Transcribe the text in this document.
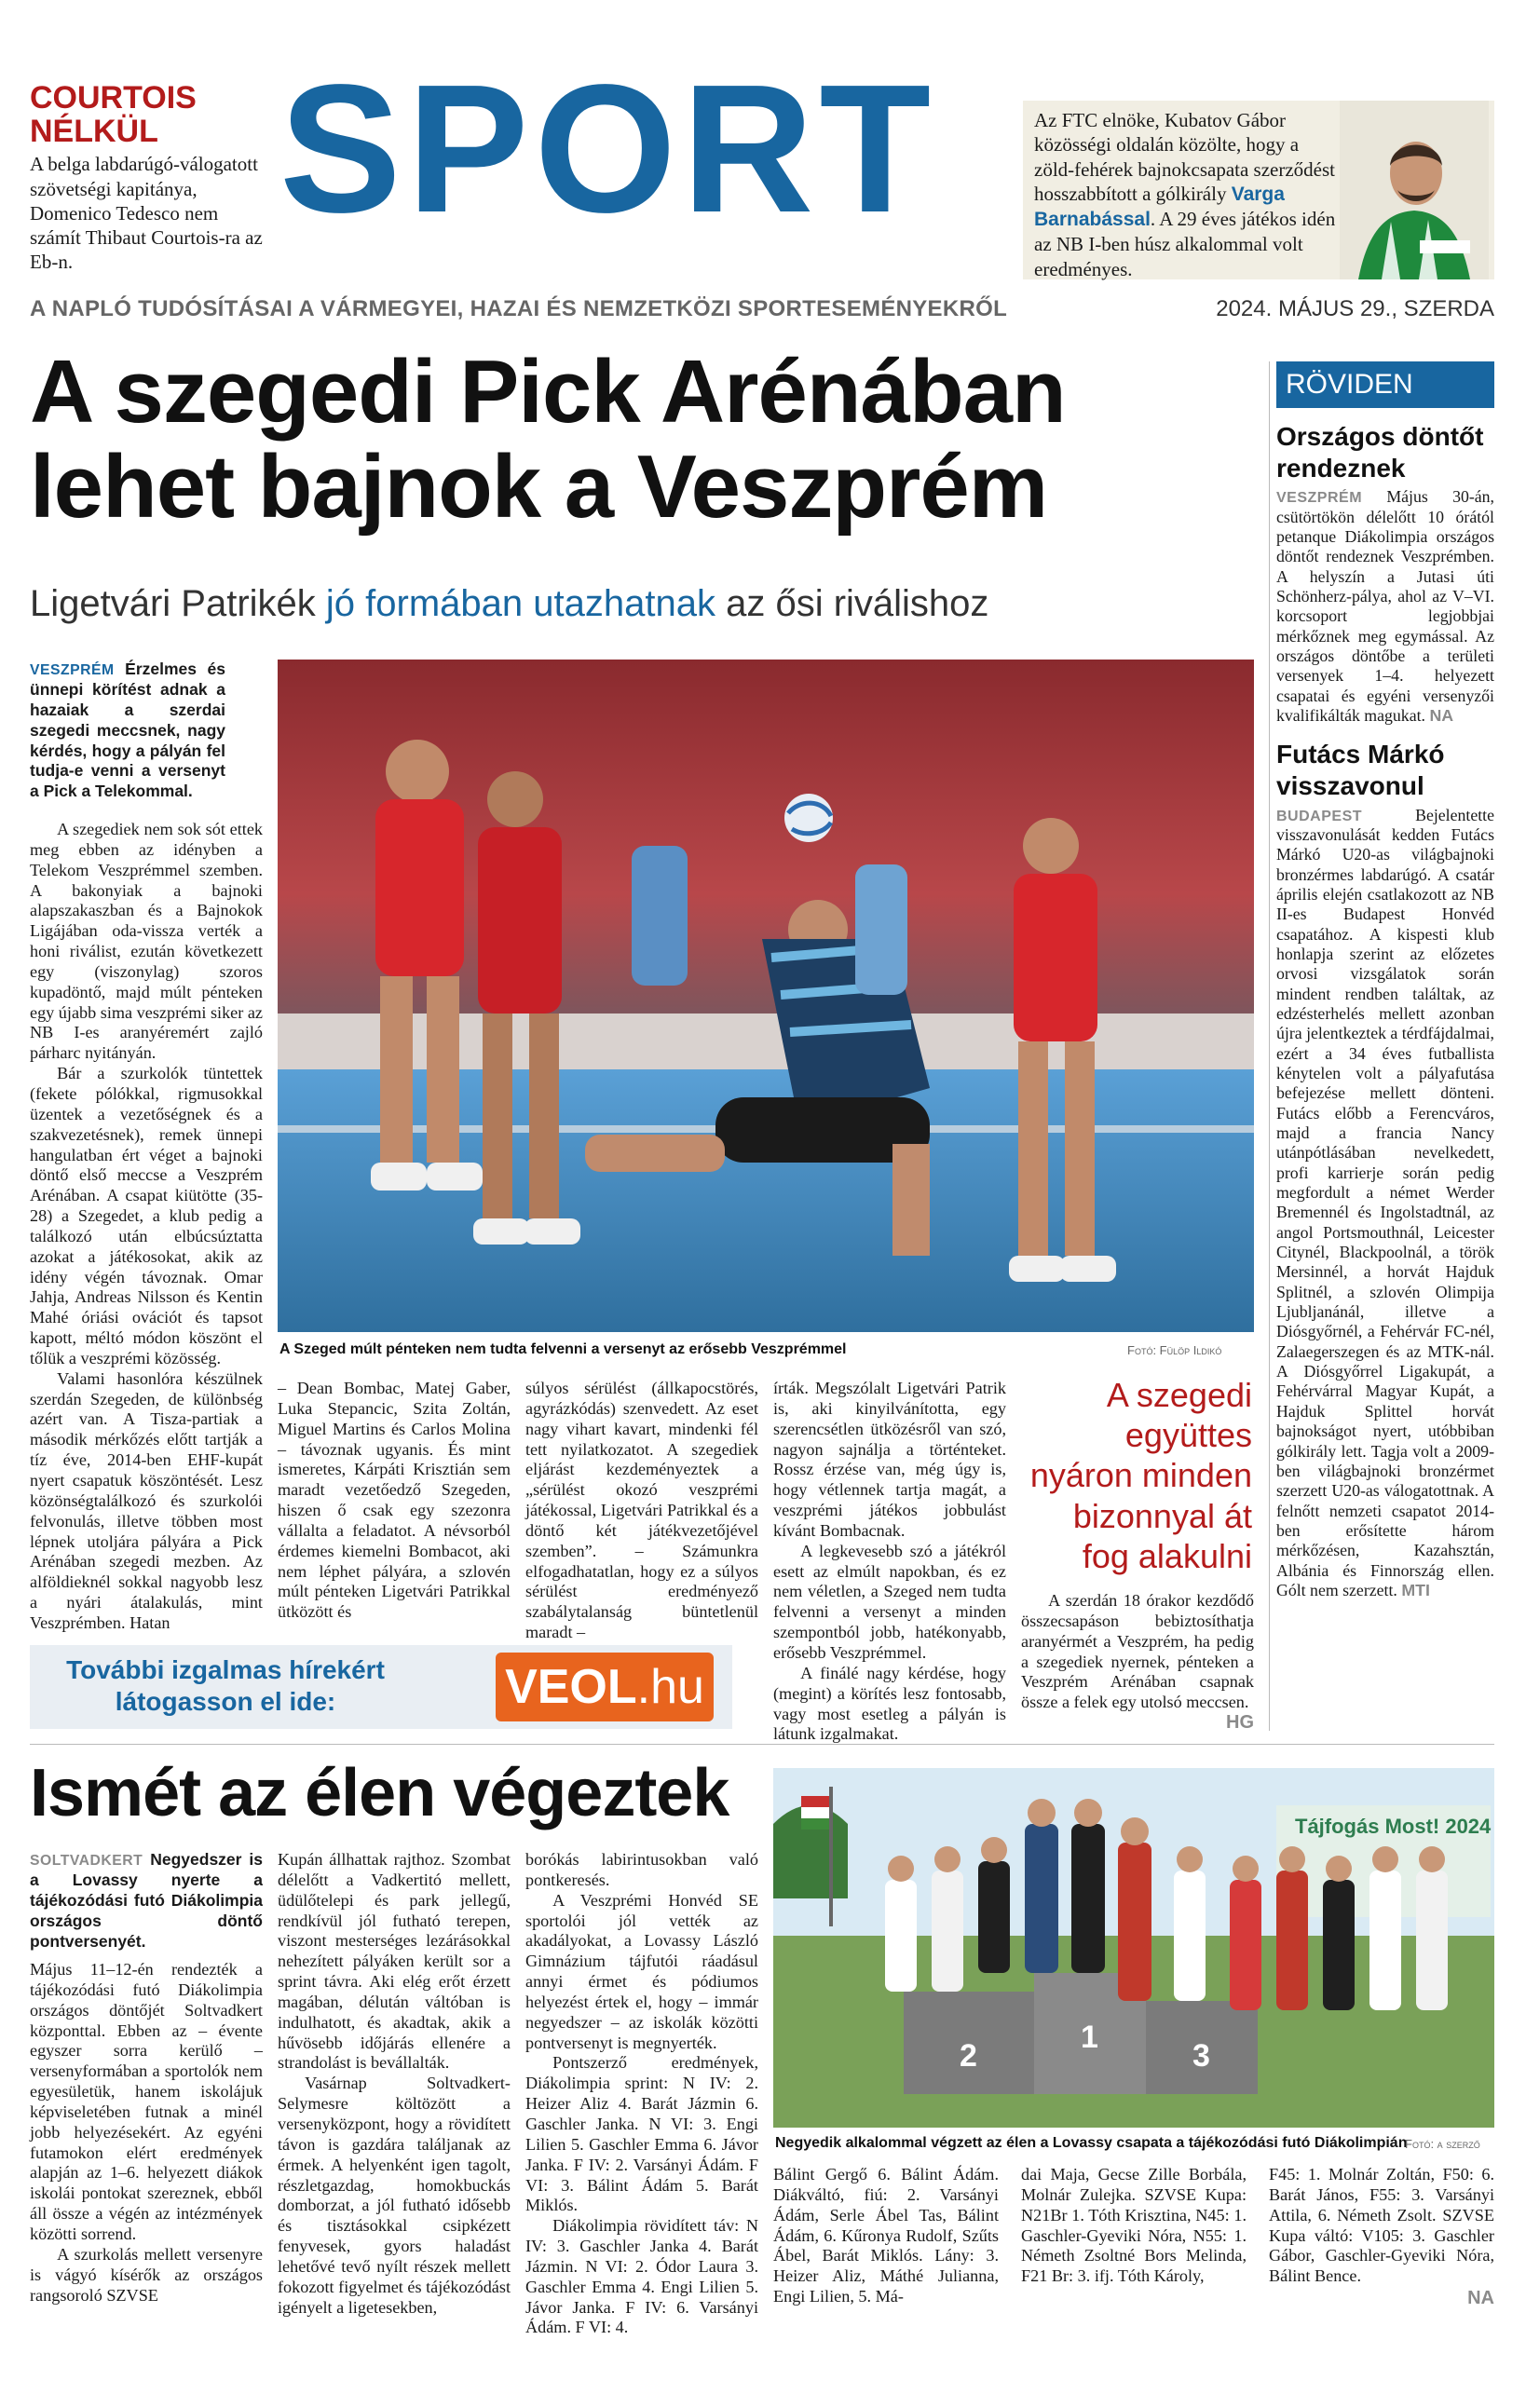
COURTOIS
NÉLKÜL
A belga labdarúgó-válogatott szövetségi kapitánya, Domenico Tedesco nem számít Thibaut Courtois-ra az Eb-n.
SPORT	Az FTC elnöke, Kubatov Gábor közösségi oldalán közölte, hogy a zöld-fehérek bajnokcsapata szerződést hosszabbított a gólkirály Varga Barnabással. A 29 éves játékos idén az NB I-ben húsz alkalommal volt eredményes.
A NAPLÓ TUDÓSÍTÁSAI A VÁRMEGYEI, HAZAI ÉS NEMZETKÖZI SPORTESEMÉNYEKRŐL	2024. MÁJUS 29., SZERDA
A szegedi Pick Arénában
lehet bajnok a Veszprém
Ligetvári Patrikék jó formában utazhatnak az ősi riválishoz
VESZPRÉM Érzelmes és ünnepi körítést adnak a hazaiak a szerdai szegedi meccsnek, nagy kérdés, hogy a pályán fel tudja-e venni a versenyt a Pick a Telekommal.

A szegediek nem sok sót ettek meg ebben az idényben a Telekom Veszprémmel szemben. A bakonyiak a bajnoki alapszakaszban és a Bajnokok Ligájában oda-vissza verték a honi riválist, ezután következett egy (viszonylag) szoros kupadöntő, majd múlt pénteken egy újabb sima veszprémi siker az NB I-es aranyéremért zajló párharc nyitányán.

Bár a szurkolók tüntettek (fekete pólókkal, rigmusokkal üzentek a vezetőségnek és a szakvezetésnek), remek ünnepi hangulatban ért véget a bajnoki döntő első meccse a Veszprém Arénában. A csapat kiütötte (35-28) a Szegedet, a klub pedig a találkozó után elbúcsúztatta azokat a játékosokat, akik az idény végén távoznak. Omar Jahja, Andreas Nilsson és Kentin Mahé óriási ovációt és tapsot kapott, méltó módon köszönt el tőlük a veszprémi közösség.

Valami hasonlóra készülnek szerdán Szegeden, de különbség azért van. A Tisza-partiak a második mérkőzés előtt tartják a tíz éve, 2014-ben EHF-kupát nyert csapatuk köszöntését. Lesz közönségtalálkozó és szurkolói felvonulás, illetve többen most lépnek utoljára pályára a Pick Arénában szegedi mezben. Az alföldieknél sokkal nagyobb lesz a nyári átalakulás, mint Veszprémben. Hatan

A Szeged múlt pénteken nem tudta felvenni a versenyt az erősebb Veszprémmel	Fotó: Fülöp Ildikó

– Dean Bombac, Matej Gaber, Luka Stepancic, Szita Zoltán, Miguel Martins és Carlos Molina – távoznak ugyanis. És mint ismeretes, Kárpáti Krisztián sem maradt vezetőedző Szegeden, hiszen ő csak egy szezonra vállalta a feladatot. A névsorból érdemes kiemelni Bombacot, aki nem léphet pályára, a szlovén múlt pénteken Ligetvári Patrikkal ütközött és

súlyos sérülést (állkapocstörés, agyrázkódás) szenvedett. Az eset nagy vihart kavart, mindenki fél tett nyilatkozatot. A szegediek eljárást kezdeményeztek a „sérülést okozó veszprémi játékossal, Ligetvári Patrikkal és a döntő két játékvezetőjével szemben”. – Számunkra elfogadhatatlan, hogy ez a súlyos sérülést eredményező szabálytalanság büntetlenül maradt –

írták. Megszólalt Ligetvári Patrik is, aki kinyilvánította, egy szerencsétlen ütközésről van szó, nagyon sajnálja a történteket. Rossz érzése van, még úgy is, hogy vétlennek tartja magát, a veszprémi játékos jobbulást kívánt Bombacnak.

A legkevesebb szó a játékról esett az elmúlt napokban, és ez nem véletlen, a Szeged nem tudta felvenni a versenyt a minden szempontból jobb, hatékonyabb, erősebb Veszprémmel.

A finálé nagy kérdése, hogy (megint) a körítés lesz fontosabb, vagy most esetleg a pályán is látunk izgalmakat.

A szegedi együttes nyáron minden bizonnyal át fog alakulni

A szerdán 18 órakor kezdődő összecsapáson bebiztosíthatja aranyérmét a Veszprém, ha pedig a szegediek nyernek, pénteken a Veszprém Arénában csapnak össze a felek egy utolsó meccsen.

HG
RÖVIDEN
Országos döntőt rendeznek
VESZPRÉM Május 30-án, csütörtökön délelőtt 10 órától petanque Diákolimpia országos döntőt rendeznek Veszprémben. A helyszín a Jutasi úti Schönherz-pálya, ahol az V–VI. korcsoport legjobbjai mérkőznek meg egymással. Az országos döntőbe a területi versenyek 1–4. helyezett csapatai és egyéni versenyzői kvalifikálták magukat. NA
Futács Márkó visszavonul
BUDAPEST Bejelentette visszavonulását kedden Futács Márkó U20-as világbajnoki bronzérmes labdarúgó. A csatár április elején csatlakozott az NB II-es Budapest Honvéd csapatához. A kispesti klub honlapja szerint az előzetes orvosi vizsgálatok során mindent rendben találtak, az edzésterhelés mellett azonban újra jelentkeztek a térdfájdalmai, ezért a 34 éves futballista kénytelen volt a pályafutása befejezése mellett dönteni. Futács előbb a Ferencváros, majd a francia Nancy utánpótlásában nevelkedett, profi karrierje során pedig megfordult a német Werder Bremennél és Ingolstadtnál, az angol Portsmouthnál, Leicester Citynél, Blackpoolnál, a török Mersinnél, a horvát Hajduk Splitnél, a szlovén Olimpija Ljubljanánál, illetve a Diósgyőrnél, a Fehérvár FC-nél, Zalaegerszegen és az MTK-nál. A Diósgyőrrel Ligakupát, a Fehérvárral Magyar Kupát, a Hajduk Splittel horvát bajnokságot nyert, utóbbiban gólkirály lett. Tagja volt a 2009-ben világbajnoki bronzérmet szerzett U20-as válogatottnak. A felnőtt nemzeti csapatot 2014-ben erősítette három mérkőzésen, Kazahsztán, Albánia és Finnország ellen. Gólt nem szerzett. MTI
További izgalmas hírekért
látogasson el ide:	VEOL .hu
Ismét az élen végeztek
SOLTVADKERT Negyedszer is a Lovassy nyerte a tájékozódási futó Diákolimpia országos döntő pontversenyét.

Május 11–12-én rendezték a tájékozódási futó Diákolimpia országos döntőjét Soltvadkert központtal. Ebben az – évente egyszer sorra kerülő – versenyformában a sportolók nem egyesületük, hanem iskolájuk képviseletében futnak a minél jobb helyezésekért. Az egyéni futamokon elért eredmények alapján az 1–6. helyezett diákok iskolái pontokat szereznek, ebből áll össze a végén az intézmények közötti sorrend.

A szurkolás mellett versenyre is vágyó kísérők az országos rangsoroló SZVSE

Kupán állhattak rajthoz. Szombat délelőtt a Vadkertitó mellett, üdülőtelepi és park jellegű, rendkívül jól futható terepen, viszont mesterséges lezárásokkal nehezített pályáken került sor a sprint távra. Aki elég erőt érzett magában, délután váltóban is indulhatott, és akadtak, akik a hűvösebb időjárás ellenére a strandolást is bevállalták.

Vasárnap Soltvadkert-Selymesre költözött a versenyközpont, hogy a rövidített távon is gazdára találjanak az érmek. A helyenként igen tagolt, részletgazdag, homokbuckás domborzat, a jól futható idősebb és tisztásokkal csipkézett fenyvesek, gyors haladást lehetővé tevő nyílt részek mellett fokozott figyelmet és tájékozódást igényelt a ligetesekben,

borókás labirintusokban való pontkeresés.

A Veszprémi Honvéd SE sportolói jól vették az akadályokat, a Lovassy László Gimnázium tájfutói ráadásul annyi érmet és pódiumos helyezést értek el, hogy – immár negyedszer – az iskolák közötti pontversenyt is megnyerték.

Pontszerző eredmények, Diákolimpia sprint: N IV: 2. Heizer Aliz 4. Barát Jázmin 6. Gaschler Janka. N VI: 3. Engi Lilien 5. Gaschler Emma 6. Jávor Janka. F IV: 2. Varsányi Ádám. F VI: 3. Bálint Ádám 5. Barát Miklós.

Diákolimpia rövidített táv: N IV: 3. Gaschler Janka 4. Barát Jázmin. N VI: 2. Ódor Laura 3. Gaschler Emma 4. Engi Lilien 5. Jávor Janka. F IV: 6. Varsányi Ádám. F VI: 4.

Tájfogás Most! 2024
2
1
3
Negyedik alkalommal végzett az élen a Lovassy csapata a tájékozódási futó Diákolimpián
Fotó: a szerző

Bálint Gergő 6. Bálint Ádám. Diákváltó, fiú: 2. Varsányi Ádám, Serle Ábel Tas, Bálint Ádám, 6. Kűronya Rudolf, Szűts Ábel, Barát Miklós. Lány: 3. Heizer Aliz, Máthé Julianna, Engi Lilien, 5. Má-

dai Maja, Gecse Zille Borbála, Molnár Zulejka. SZVSE Kupa: N21Br 1. Tóth Krisztina, N45: 1. Gaschler-Gyeviki Nóra, N55: 1. Németh Zsoltné Bors Melinda, F21 Br: 3. ifj. Tóth Károly,

F45: 1. Molnár Zoltán, F50: 6. Barát János, F55: 3. Varsányi Attila, 6. Németh Zsolt. SZVSE Kupa váltó: V105: 3. Gaschler Gábor, Gaschler-Gyeviki Nóra, Bálint Bence.

NA
